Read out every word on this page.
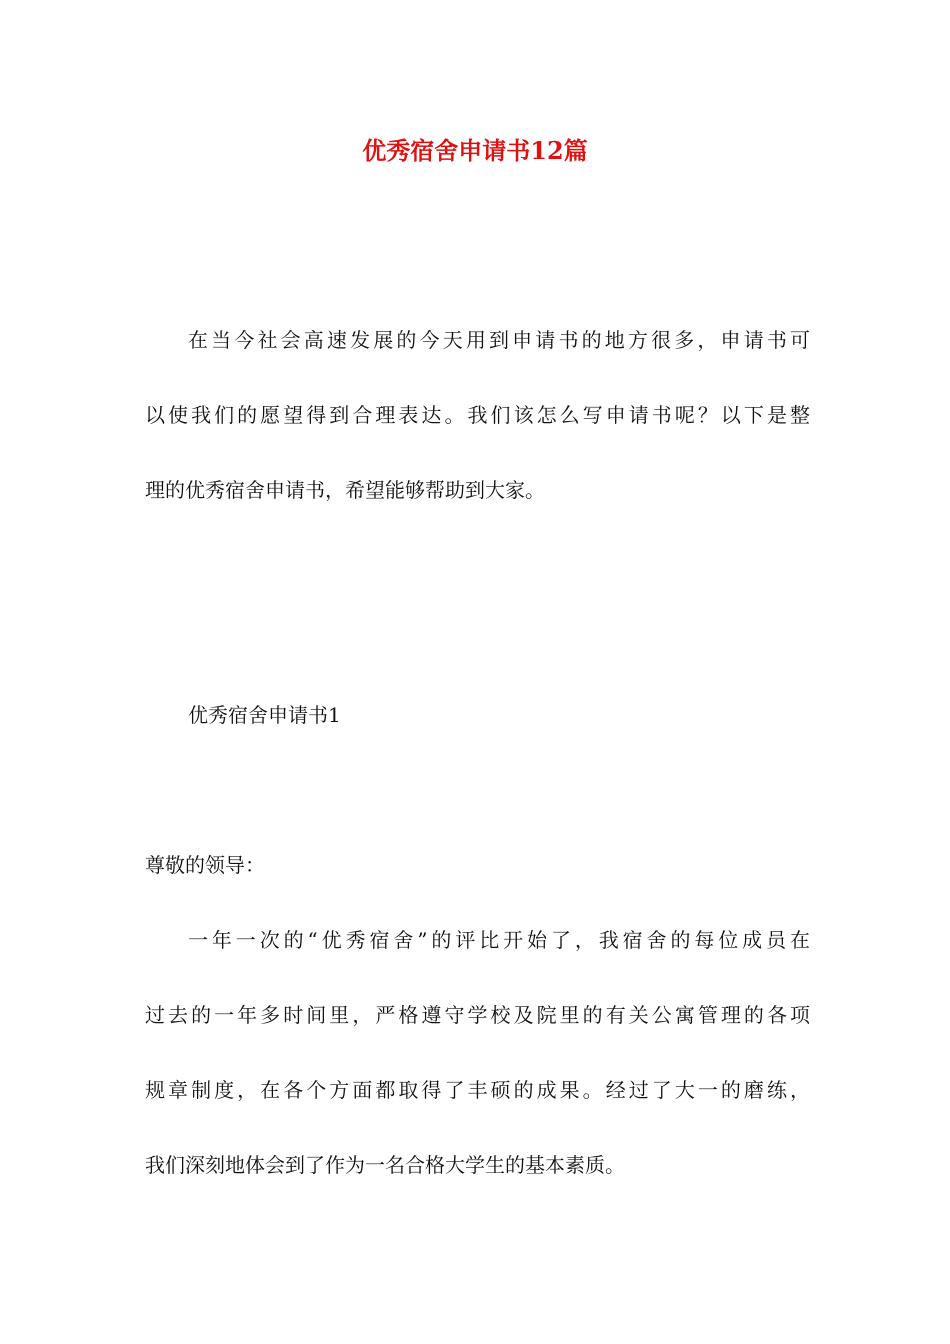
优秀宿舍申请书12篇
在当今社会高速发展的今天用到申请书的地方很多，申请书可
以使我们的愿望得到合理表达。我们该怎么写申请书呢？以下是整
理的优秀宿舍申请书，希望能够帮助到大家。
优秀宿舍申请书1
尊敬的领导：
一年一次的“优秀宿舍”的评比开始了，我宿舍的每位成员在
过去的一年多时间里，严格遵守学校及院里的有关公寓管理的各项
规章制度，在各个方面都取得了丰硕的成果。经过了大一的磨练，
我们深刻地体会到了作为一名合格大学生的基本素质。
